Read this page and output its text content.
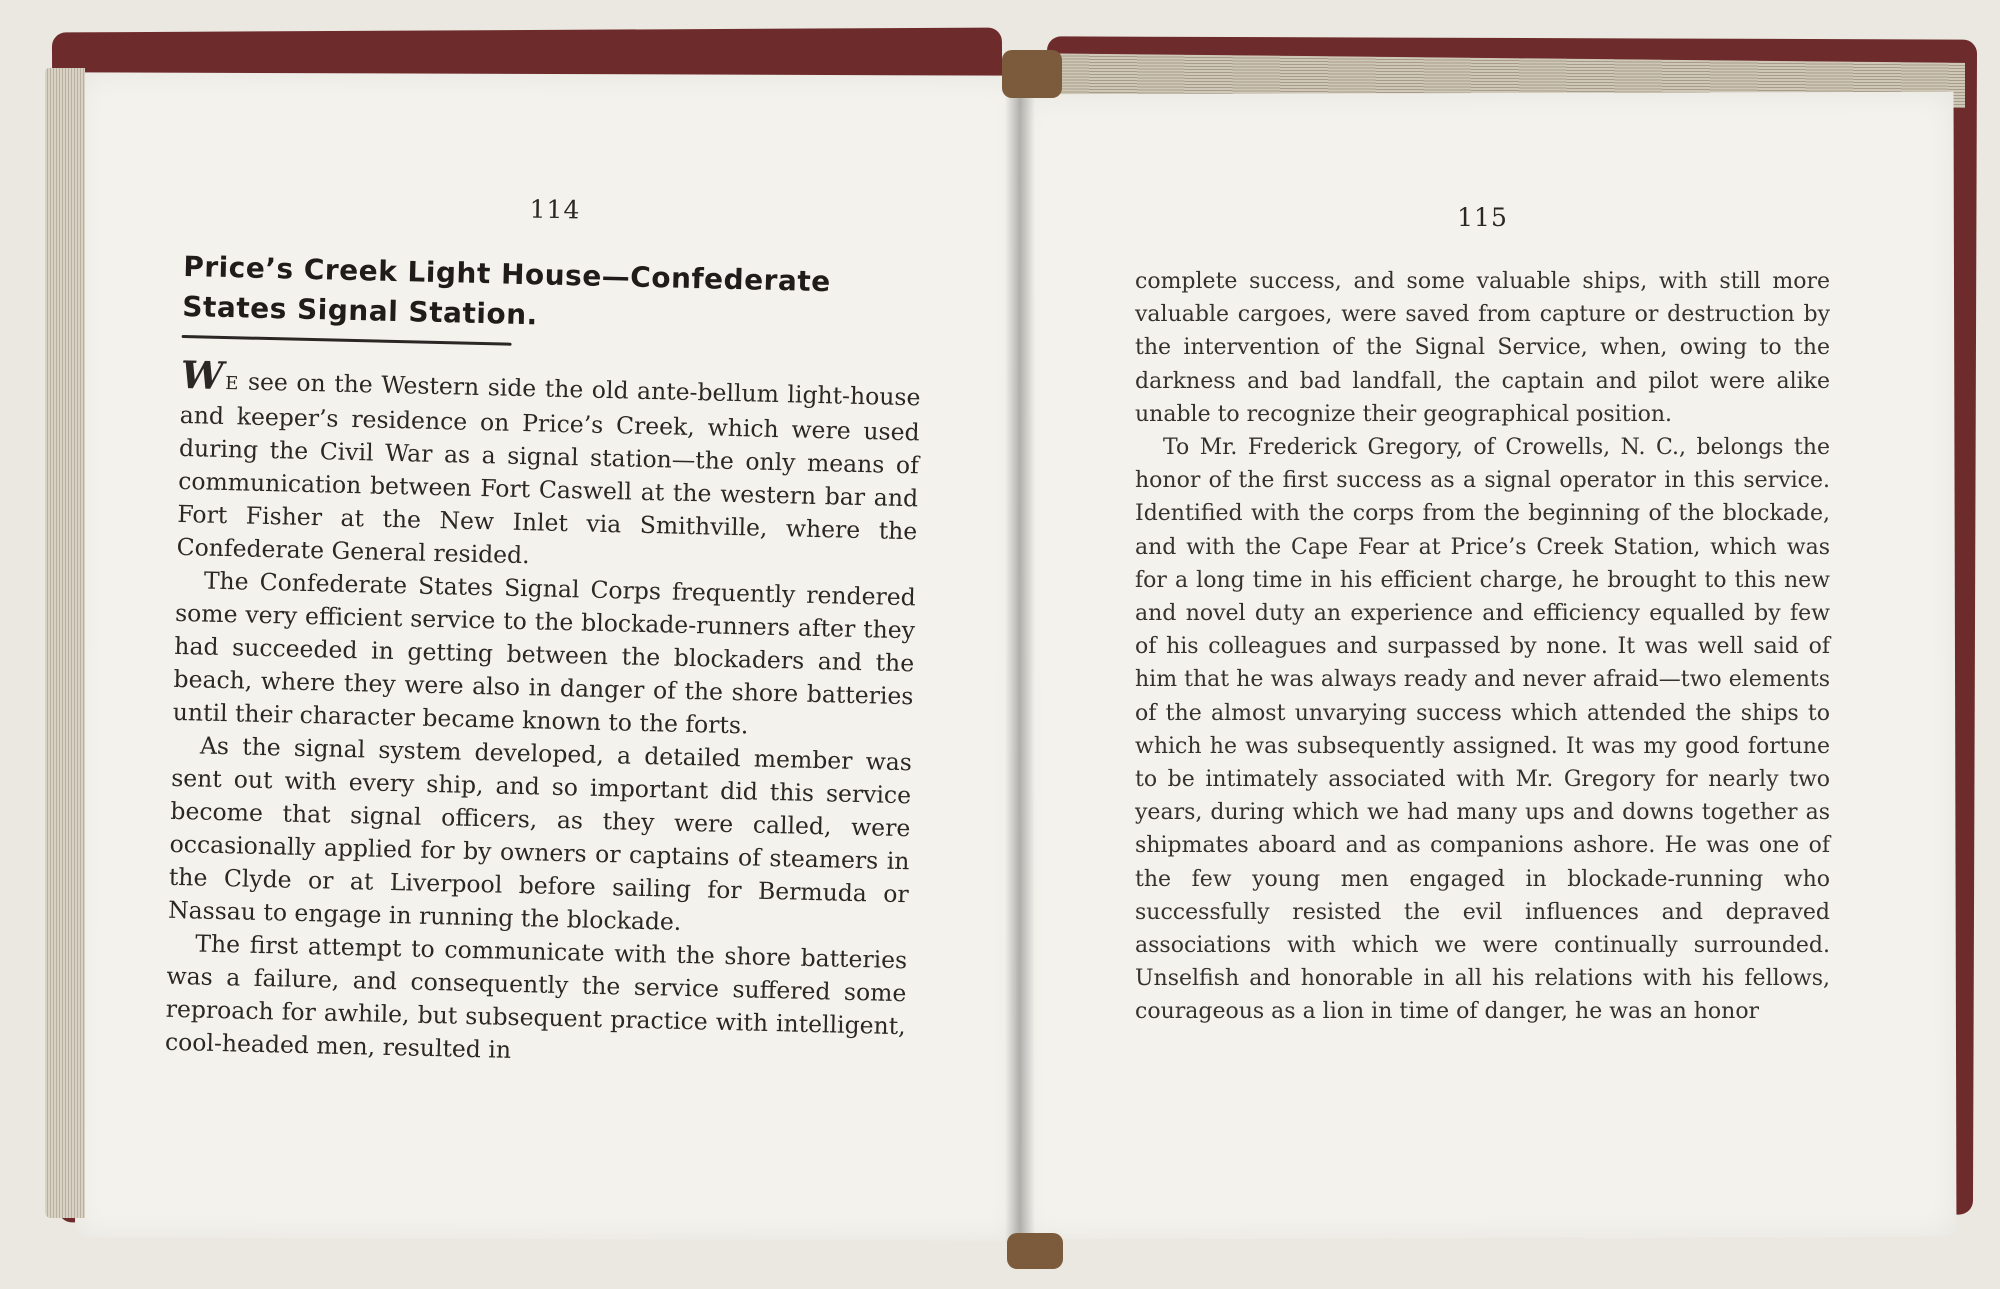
114	115
Price’s Creek Light House—Confederate
States Signal Station.

WE see on the Western side the old ante-bellum light-house and keeper’s residence on Price’s Creek, which were used during the Civil War as a signal station—the only means of communication between Fort Caswell at the western bar and Fort Fisher at the New Inlet via Smithville, where the Confederate General resided.

The Confederate States Signal Corps frequently rendered some very efficient service to the blockade-runners after they had succeeded in getting between the blockaders and the beach, where they were also in danger of the shore batteries until their character became known to the forts.

As the signal system developed, a detailed member was sent out with every ship, and so important did this service become that signal officers, as they were called, were occasionally applied for by owners or captains of steamers in the Clyde or at Liverpool before sailing for Bermuda or Nassau to engage in running the blockade.

The first attempt to communicate with the shore batteries was a failure, and consequently the service suffered some reproach for awhile, but subsequent practice with intelligent, cool-headed men, resulted in

complete success, and some valuable ships, with still more valuable cargoes, were saved from capture or destruction by the intervention of the Signal Service, when, owing to the darkness and bad landfall, the captain and pilot were alike unable to recognize their geographical position.

To Mr. Frederick Gregory, of Crowells, N. C., belongs the honor of the first success as a signal operator in this service. Identified with the corps from the beginning of the blockade, and with the Cape Fear at Price’s Creek Station, which was for a long time in his efficient charge, he brought to this new and novel duty an experience and efficiency equalled by few of his colleagues and surpassed by none. It was well said of him that he was always ready and never afraid—two elements of the almost unvarying success which attended the ships to which he was subsequently assigned. It was my good fortune to be intimately associated with Mr. Gregory for nearly two years, during which we had many ups and downs together as shipmates aboard and as companions ashore. He was one of the few young men engaged in blockade-running who successfully resisted the evil influences and depraved associations with which we were continually surrounded. Unselfish and honorable in all his relations with his fellows, courageous as a lion in time of danger, he was an honor
